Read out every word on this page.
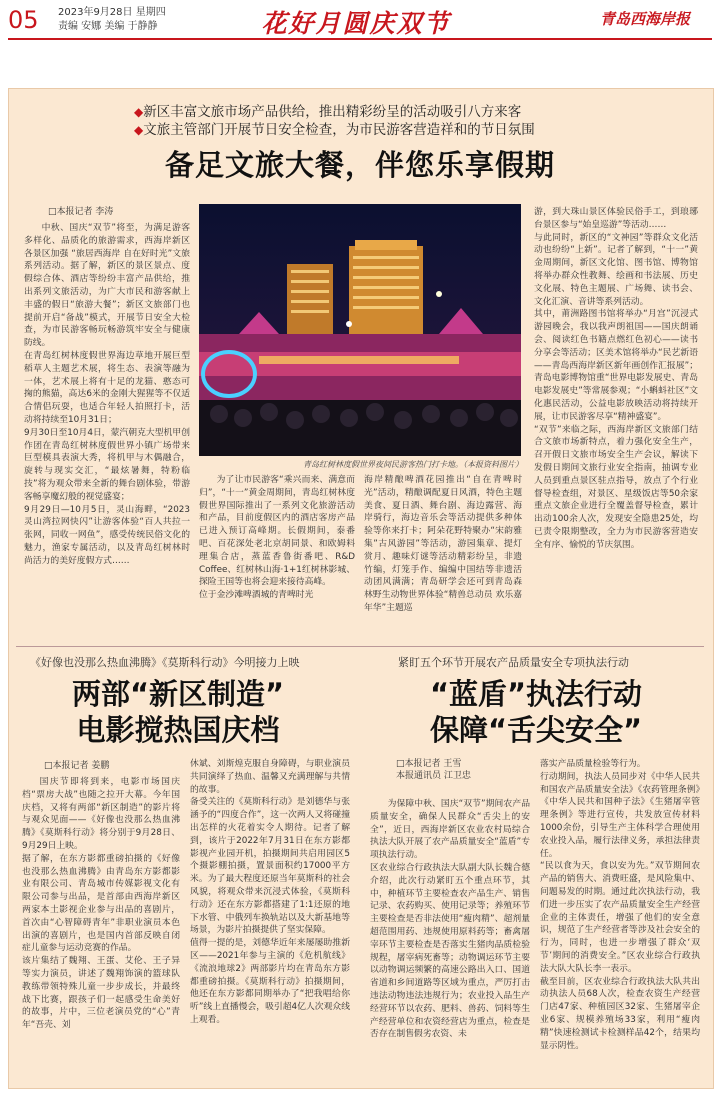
05 2023年9月28日 星期四
责编 安娜 美编 于静静	花好月圆庆双节	青岛西海岸报
◆新区丰富文旅市场产品供给，推出精彩纷呈的活动吸引八方来客
◆文旅主管部门开展节日安全检查，为市民游客营造祥和的节日氛围
备足文旅大餐，伴您乐享假期
□本报记者 李涛

中秋、国庆“双节”将至，为满足游客多样化、品质化的旅游需求，西海岸新区各景区加强 “旅居西海岸 自在好时光”文旅系列活动。据了解，新区的景区景点、度假综合体、酒店等纷纷丰富产品供给，推出系列文旅活动，为广大市民和游客献上丰盛的假日“旅游大餐”；新区文旅部门也提前开启“备战”模式，开展节日安全大检查，为市民游客畅玩畅游筑牢安全与健康防线。
在青岛红树林度假世界海边草地开展巨型稻草人主题艺术展，将生态、表演等融为一体，艺术展上将有十足的龙猫、憨态可掬的熊猫，高达6米的金刚大猩猩等不仅适合情侣玩耍，也适合年轻人拍照打卡，活动将持续至10月31日；
9月30日至10月4日，蒙汽朝克大型机甲创作团在青岛红树林度假世界小镇广场带来巨型模具表演大秀，将机甲与木偶融合，旋转与现实交汇，“最炫暑舞，特粉临技”将为观众带来全新的舞台剧体验，带游客畅享魔幻般的视觉盛宴；
9月29日—10月5日，灵山海畔，“2023灵山湾拉网快闪”让游客体验“百人共拉一张网，同收一网鱼”，感受传统民俗文化的魅力，渔家专属活动，以及青岛红树林时尚活力的美好度假方式……

青岛红树林度假世界夜间民游客热门打卡地。（本报资料图片）

为了让市民游客“乘兴而来、满意而归”，“十一”黄金周期间，青岛红树林度假世界国际推出了一系列文化旅游活动和产品，目前度假区内的酒店客房产品已进入预订高峰期。长假期间，泰番吧、百花深处老北京胡同景、和欧姆料理集合店，蒸蓝香鲁街番吧、R&D Coffee、红树林山海·1+1红树林影城、探险王国等也将会迎来接待高峰。
位于金沙滩啤酒城的青啤时光

海岸精酿啤酒花园推出“自在青啤时光”活动，精酿调配夏日风酒，特色主题美食、夏日酒、舞台剧、海边露营、海岸骑行，海边音乐会等活动提供多种体验等你来打卡；阿朵花野特聚办“宋韵雅集”古风游园”等活动，游园集章、提灯赏月、趣味灯谜等活动精彩纷呈，非遗竹编，灯笼手作、编编中国结等非遗活动团风满满；青岛研学会还可到青岛森林野生动物世界体验“精兽总动员 欢乐嘉年华”主题巡

游，到大珠山景区体验民俗手工，到琅琊台景区参与“始皇巡游”等活动……
与此同时，新区的“文神园”等群众文化活动也纷纷“上新”。记者了解到，“十一”黄金周期间，新区文化馆、图书馆、博物馆将举办群众性教舞、绘画和书法展、历史文化展、特色主题展、广场舞、读书会、文化汇演、音讲等系列活动。
其中，莆洲路图书馆将举办“月宫”沉浸式游园晚会，我以我声朗祖国——国庆朗诵会、阅读红色书籍点燃红色初心——读书分享会等活动；区美术馆将举办“民艺新语——青岛西海岸新区新年画创作汇报展”；青岛电影博物馆重“世界电影发展史、青岛电影发展史”等常展参观；“小蝌蚪社区”文化惠民活动，公益电影放映活动将持续开展，让市民游客尽享“精神盛宴”。
“双节”来临之际，西海岸新区文旅部门结合文旅市场新特点，着力强化安全生产，召开假日文旅市场安全生产会议，解读下发假日期间文旅行业安全指南，抽调专业人员到重点景区驻点指导，放点了个行业督导检查组，对景区、星级饭店等50余家重点文旅企业进行全覆盖督导检查，累计出动100余人次，发现安全隐患25处，均已责令限期整改，全力为市民游客营造安全有序、愉悦的节庆氛围。

《好像也没那么热血沸腾》《莫斯科行动》今明接力上映
两部“新区制造”
电影搅热国庆档
□本报记者 姜鹏

国庆节即将到来，电影市场国庆档“票房大战”也随之拉开大幕。今年国庆档，又将有两部“新区制造”的影片将与观众见面——《好像也没那么热血沸腾》《莫斯科行动》将分别于9月28日、9月29日上映。
据了解，在东方影都重磅拍摄的《好像也没那么热血沸腾》由青岛东方影都影业有限公司、青岛城市传媒影视文化有限公司参与出品，是首部由西海岸新区两家本土影视企业参与出品的喜剧片，首次由“心智障碍青年”非职业演员本色出演的喜剧片，也是国内首部反映自闭症儿童参与运动竞赛的作品。
该片集结了魏翔、王蛋、艾伦、王子异等实力演员，讲述了魏翔饰演的篮球队教练带领特殊儿童一步步成长，并最终战下比赛，跟孩子们一起感受生命美好的故事，片中，三位老演员党的“心”青年“吾壳、刘

休斌、刘斯煌克服自身障碍，与职业演员共同演绎了热血、温馨又充满理解与共情的故事。
备受关注的《莫斯科行动》是刘德华与张涵予的“四度合作”，这一次两人又将碰撞出怎样的火花着实令人期待。记者了解到，该片于2022年7月31日在东方影都影视产业园开机，拍摄期间共启用园区5个摄影棚拍摄，置景面积约17000平方米。为了最大程度还原当年莫斯科的社会风貌，将观众带来沉浸式体验，《莫斯科行动》还在东方影都搭建了1:1还原的地下水管、中俄列车换轨站以及大新基地等场景，为影片拍摄提供了坚实保障。
值得一提的是，刘德华近年来屡屡助推新区——2021年参与主演的《危机航线》《流浪地球2》两部影片均在青岛东方影都重磅拍摄。《莫斯科行动》拍摄期间，他还在东方影都同期举办了“把我唱给你听”线上直播慢会，吸引超4亿人次观众线上观看。

紧盯五个环节开展农产品质量安全专项执法行动
“蓝盾”执法行动
保障“舌尖安全”
□本报记者 王雪
本报通讯员 江卫忠

为保障中秋、国庆“双节”期间农产品质量安全，确保人民群众“舌尖上的安全”，近日，西海岸新区农业农村局综合执法大队开展了农产品质量安全“蓝盾”专项执法行动。
区农业综合行政执法大队副大队长魏合德介绍，此次行动紧盯五个重点环节，其中，种植环节主要检查农产品生产、销售记录、农药购买、使用记录等；养殖环节主要检查是否非法使用“瘦肉精”、超剂量超范围用药、违规使用原料药等；畜禽屠宰环节主要检查是否落实生猪肉品质检验规程，屠宰病死畜等；动物调运环节主要以动物调运频繁的高速公路出入口、国道省道和乡间道路等区域为重点，严厉打击违法动物违法违规行为；农业投入品生产经营环节以农药、肥料、兽药、饲料等生产经营单位和农资经营店为重点，检查是否存在制售假劣农资、未

落实产品质量检验等行为。
行动期间，执法人员同步对《中华人民共和国农产品质量安全法》《农药管理条例》《中华人民共和国种子法》《生猪屠宰管理条例》等进行宣传，共发放宣传材料1000余份，引导生产主体科学合理使用农业投入品，履行法律义务，承担法律责任。
“民以食为天，食以安为先。”双节期间农产品的销售大、消费旺盛，是风险集中、问题易发的时期。通过此次执法行动，我们进一步压实了农产品质量安全生产经营企业的主体责任，增强了他们的安全意识，规范了生产经营者等涉及社会安全的行为，同时，也进一步增强了群众‘双节’期间的消费安全。”区农业综合行政执法大队大队长李一表示。
截至目前，区农业综合行政执法大队共出动执法人员68人次，检查农资生产经营门店47家、种植园区32家、生猪屠宰企业6家、规模养殖场33家，利用“瘦肉精”快速检测试卡检测样品42个，结果均显示阴性。
